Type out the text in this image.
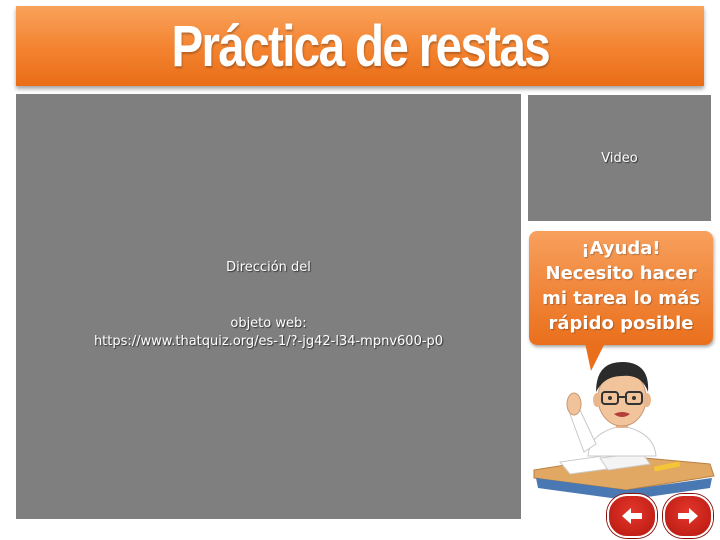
Práctica de restas
Dirección del
objeto web:
https://www.thatquiz.org/es-1/?-jg42-l34-mpnv600-p0
Video
¡Ayuda!
Necesito hacer
mi tarea lo más
rápido posible
